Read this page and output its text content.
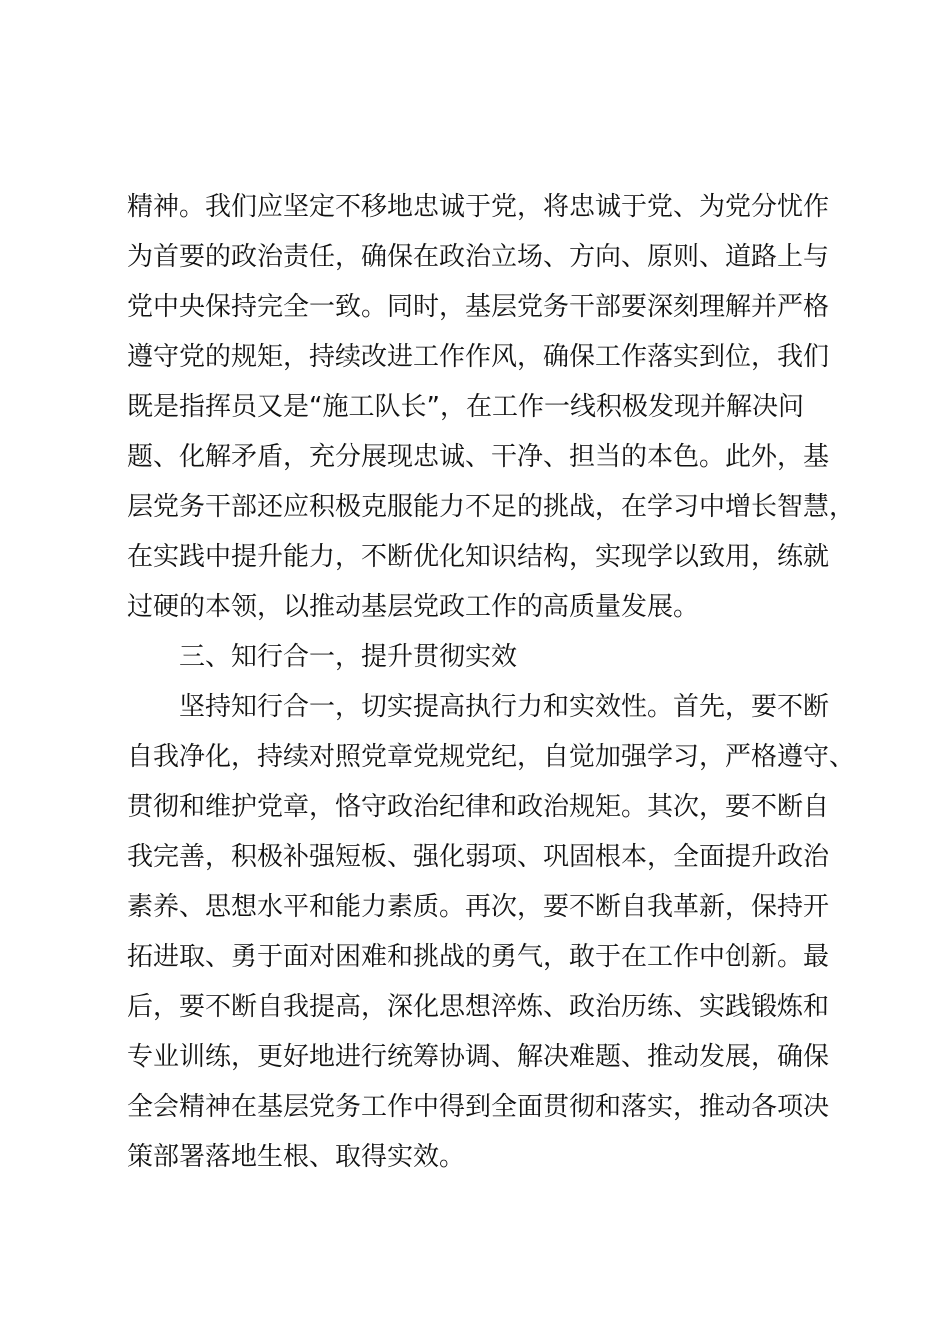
精神。我们应坚定不移地忠诚于党，将忠诚于党、为党分忧作
为首要的政治责任，确保在政治立场、方向、原则、道路上与
党中央保持完全一致。同时，基层党务干部要深刻理解并严格
遵守党的规矩，持续改进工作作风，确保工作落实到位，我们
既是指挥员又是“施工队长”，在工作一线积极发现并解决问
题、化解矛盾，充分展现忠诚、干净、担当的本色。此外，基
层党务干部还应积极克服能力不足的挑战，在学习中增长智慧，
在实践中提升能力，不断优化知识结构，实现学以致用，练就
过硬的本领，以推动基层党政工作的高质量发展。
三、知行合一，提升贯彻实效
坚持知行合一，切实提高执行力和实效性。首先，要不断
自我净化，持续对照党章党规党纪，自觉加强学习，严格遵守、
贯彻和维护党章，恪守政治纪律和政治规矩。其次，要不断自
我完善，积极补强短板、强化弱项、巩固根本，全面提升政治
素养、思想水平和能力素质。再次，要不断自我革新，保持开
拓进取、勇于面对困难和挑战的勇气，敢于在工作中创新。最
后，要不断自我提高，深化思想淬炼、政治历练、实践锻炼和
专业训练，更好地进行统筹协调、解决难题、推动发展，确保
全会精神在基层党务工作中得到全面贯彻和落实，推动各项决
策部署落地生根、取得实效。
